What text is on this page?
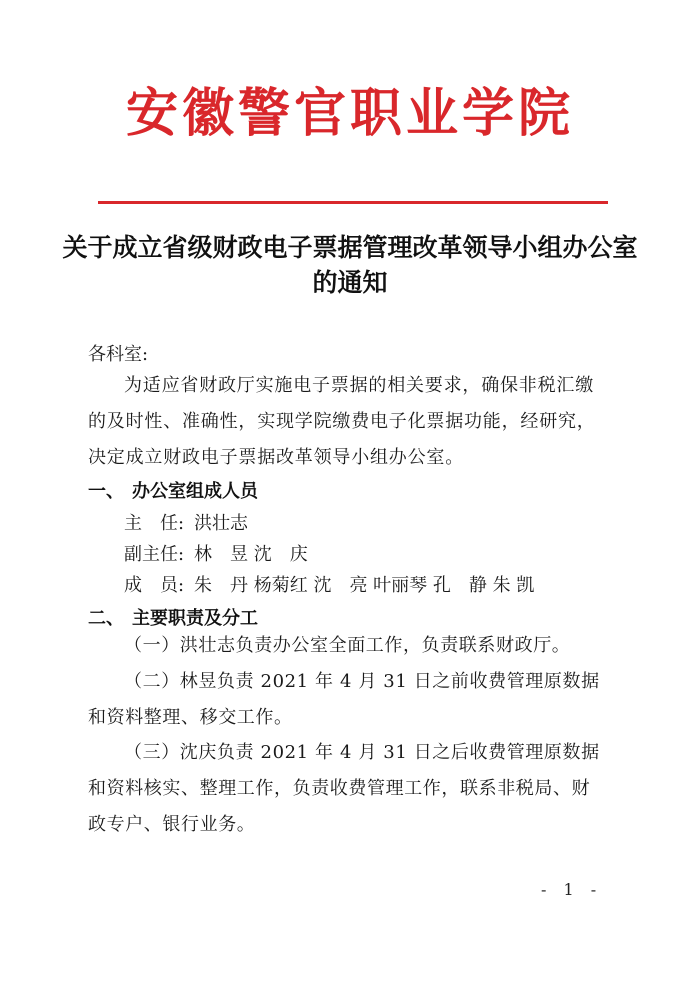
安徽警官职业学院
关于成立省级财政电子票据管理改革领导小组办公室的通知

各科室:

为适应省财政厅实施电子票据的相关要求，确保非税汇缴的及时性、准确性，实现学院缴费电子化票据功能，经研究，决定成立财政电子票据改革领导小组办公室。

一、 办公室组成人员
主　任: 洪壮志
副主任: 林　昱 沈　庆
成　员: 朱　丹 杨菊红 沈　亮 叶丽琴 孔　静 朱 凯
二、 主要职责及分工

（一）洪壮志负责办公室全面工作，负责联系财政厅。

（二）林昱负责 2021 年 4 月 31 日之前收费管理原数据和资料整理、移交工作。

（三）沈庆负责 2021 年 4 月 31 日之后收费管理原数据和资料核实、整理工作，负责收费管理工作，联系非税局、财政专户、银行业务。

- 1 -
